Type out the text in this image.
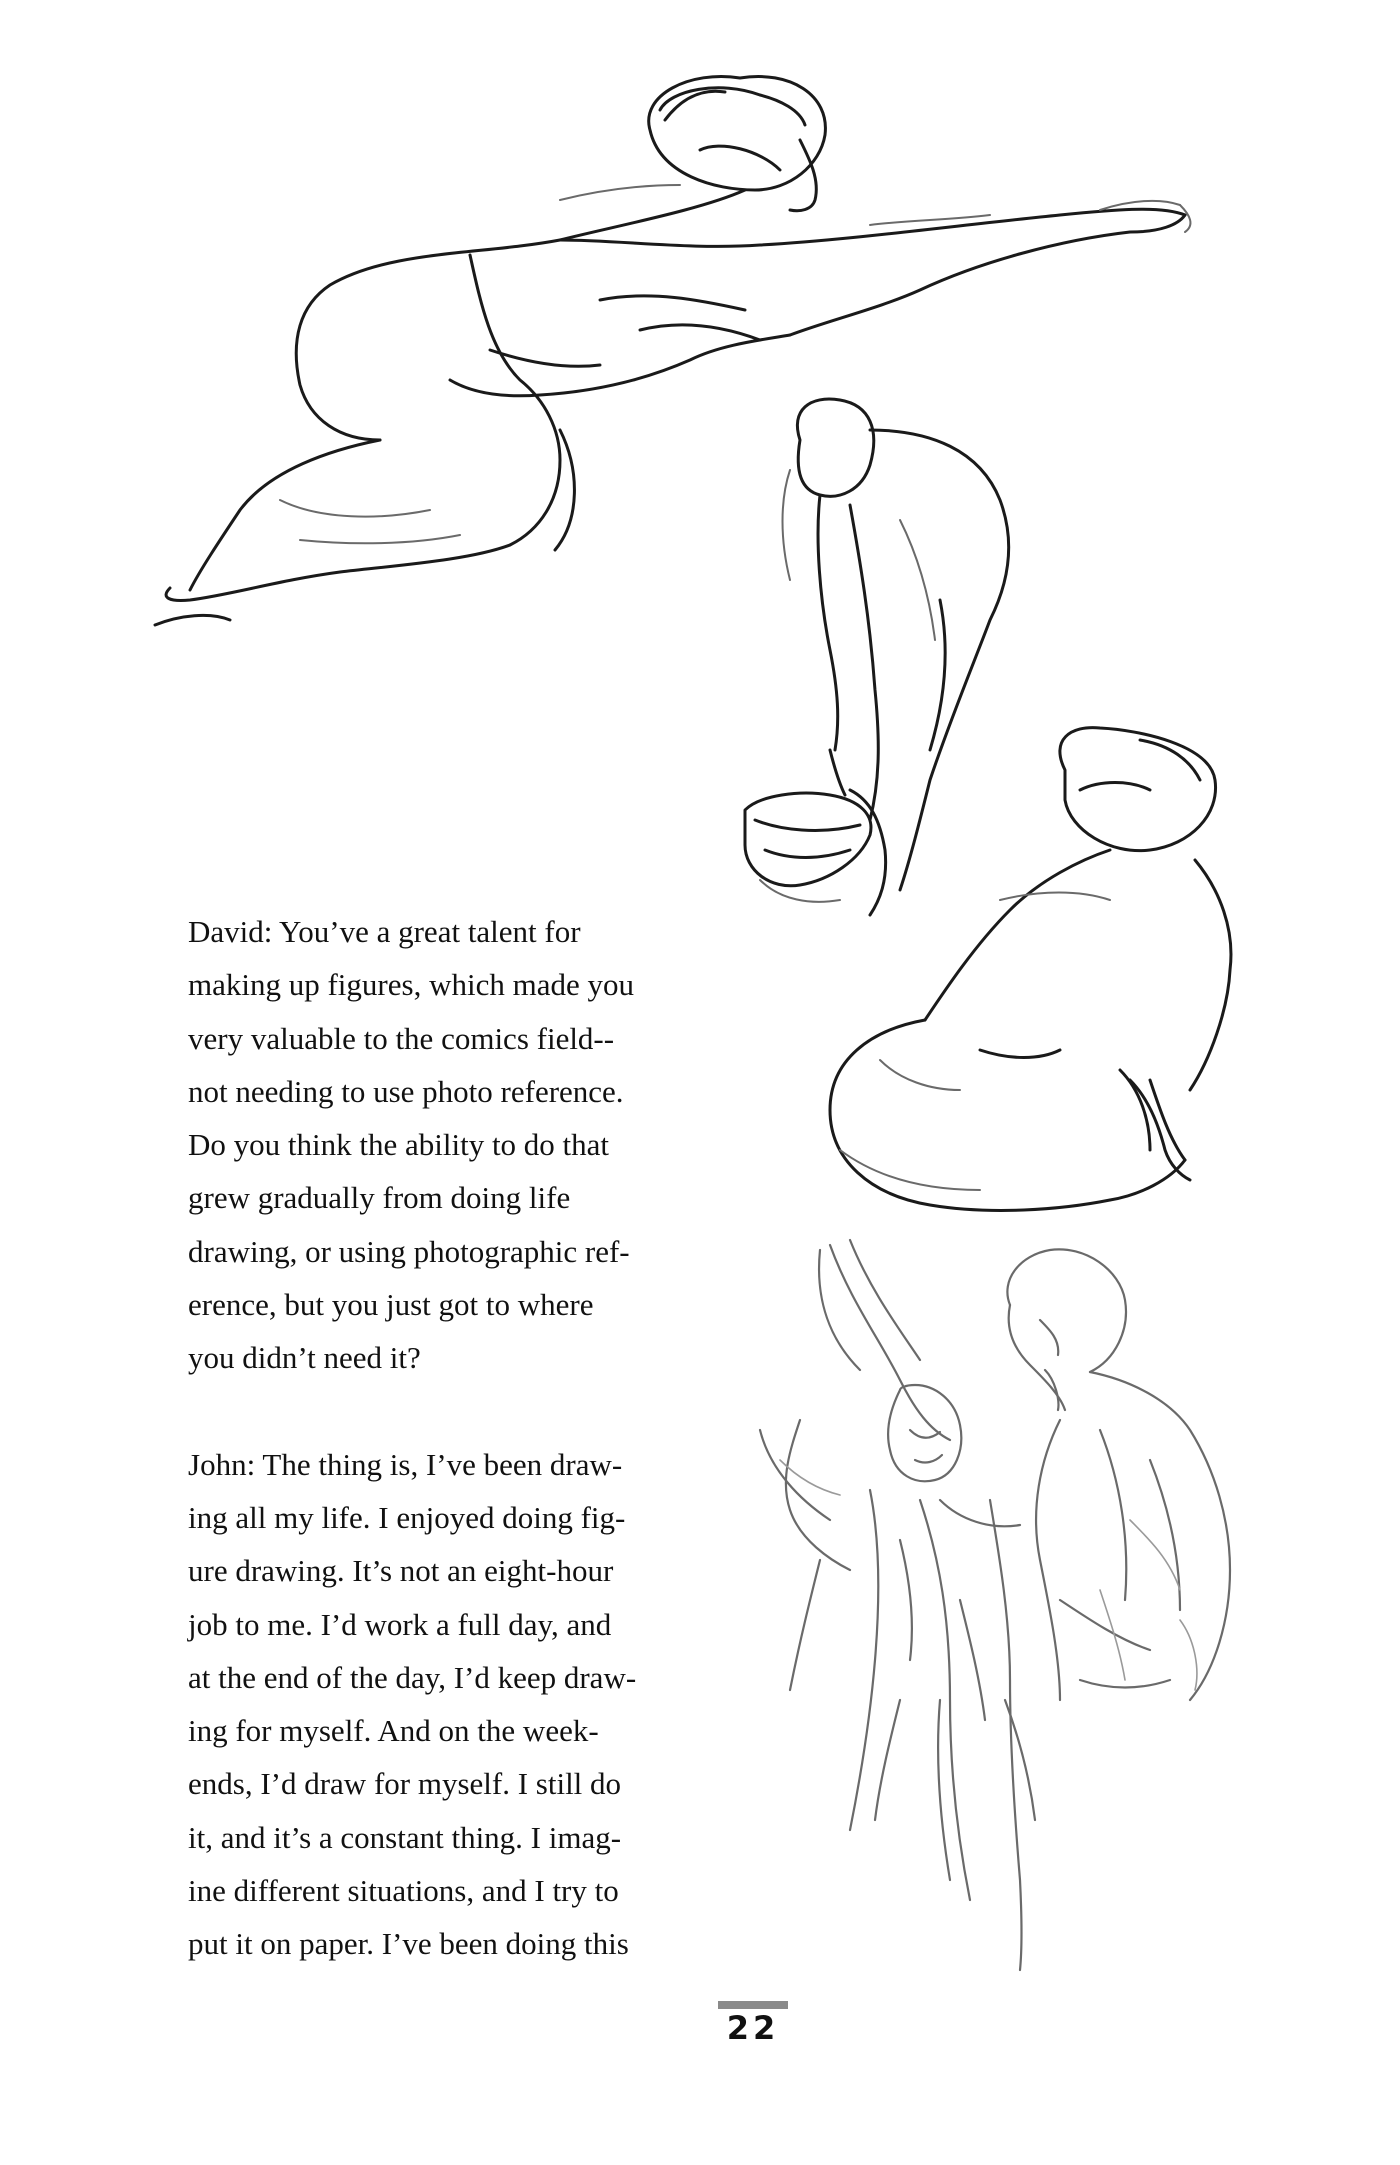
David: You’ve a great talent for
making up figures, which made you
very valuable to the comics field--
not needing to use photo reference.
Do you think the ability to do that
grew gradually from doing life
drawing, or using photographic ref-
erence, but you just got to where
you didn’t need it?

John: The thing is, I’ve been draw-
ing all my life. I enjoyed doing fig-
ure drawing. It’s not an eight-hour
job to me. I’d work a full day, and
at the end of the day, I’d keep draw-
ing for myself. And on the week-
ends, I’d draw for myself. I still do
it, and it’s a constant thing. I imag-
ine different situations, and I try to
put it on paper. I’ve been doing this

22
